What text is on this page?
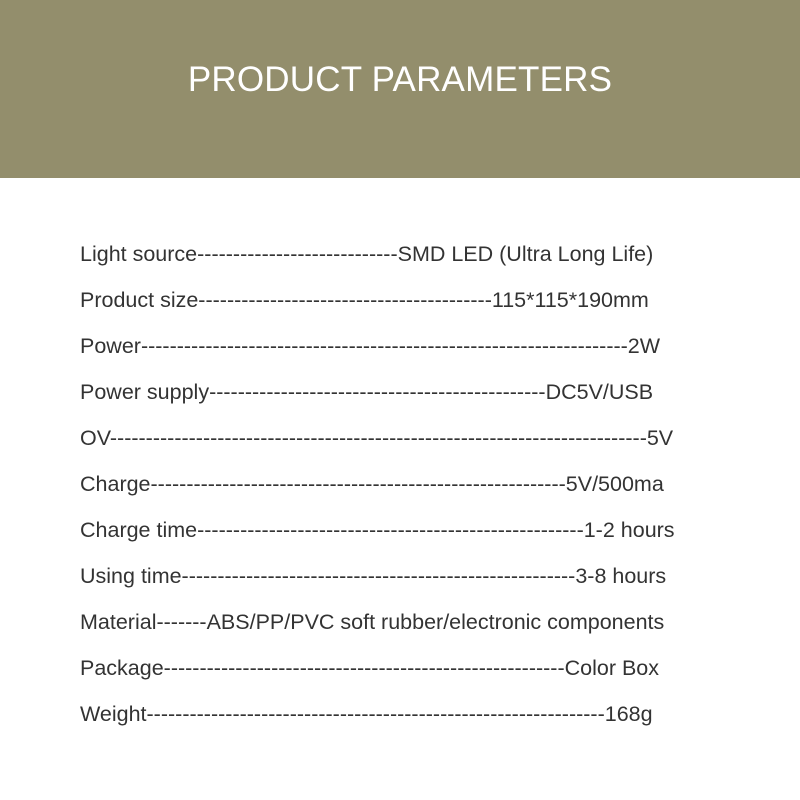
PRODUCT PARAMETERS
Light source----------------------------SMD LED (Ultra Long Life)
Product size-----------------------------------------115*115*190mm
Power--------------------------------------------------------------------2W
Power supply-----------------------------------------------DC5V/USB
OV---------------------------------------------------------------------------5V
Charge----------------------------------------------------------5V/500ma
Charge time------------------------------------------------------1-2 hours
Using time-------------------------------------------------------3-8 hours
Material-------ABS/PP/PVC soft rubber/electronic components
Package--------------------------------------------------------Color Box
Weight----------------------------------------------------------------168g
